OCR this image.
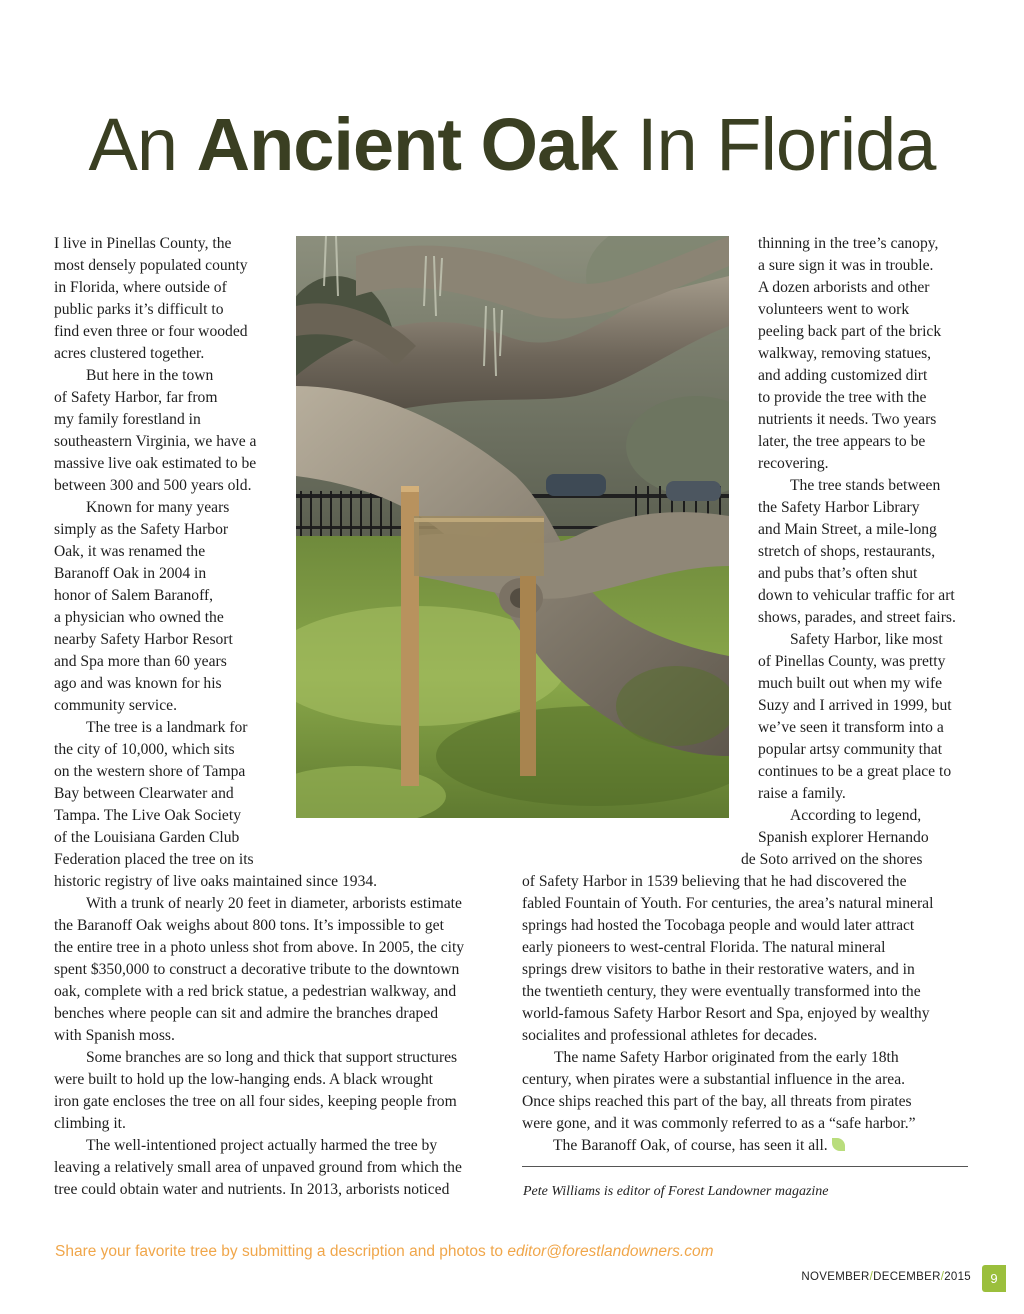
An Ancient Oak In Florida

I live in Pinellas County, the

most densely populated county

in Florida, where outside of

public parks it’s difficult to

find even three or four wooded

acres clustered together.

But here in the town

of Safety Harbor, far from

my family forestland in

southeastern Virginia, we have a

massive live oak estimated to be

between 300 and 500 years old.

Known for many years

simply as the Safety Harbor

Oak, it was renamed the

Baranoff Oak in 2004 in

honor of Salem Baranoff,

a physician who owned the

nearby Safety Harbor Resort

and Spa more than 60 years

ago and was known for his

community service.

The tree is a landmark for

the city of 10,000, which sits

on the western shore of Tampa

Bay between Clearwater and

Tampa. The Live Oak Society

of the Louisiana Garden Club

Federation placed the tree on its

historic registry of live oaks maintained since 1934.

With a trunk of nearly 20 feet in diameter, arborists estimate

the Baranoff Oak weighs about 800 tons. It’s impossible to get

the entire tree in a photo unless shot from above. In 2005, the city

spent $350,000 to construct a decorative tribute to the downtown

oak, complete with a red brick statue, a pedestrian walkway, and

benches where people can sit and admire the branches draped

with Spanish moss.

Some branches are so long and thick that support structures

were built to hold up the low-hanging ends. A black wrought

iron gate encloses the tree on all four sides, keeping people from

climbing it.

The well-intentioned project actually harmed the tree by

leaving a relatively small area of unpaved ground from which the

tree could obtain water and nutrients. In 2013, arborists noticed

thinning in the tree’s canopy,

a sure sign it was in trouble.

A dozen arborists and other

volunteers went to work

peeling back part of the brick

walkway, removing statues,

and adding customized dirt

to provide the tree with the

nutrients it needs. Two years

later, the tree appears to be

recovering.

The tree stands between

the Safety Harbor Library

and Main Street, a mile-long

stretch of shops, restaurants,

and pubs that’s often shut

down to vehicular traffic for art

shows, parades, and street fairs.

Safety Harbor, like most

of Pinellas County, was pretty

much built out when my wife

Suzy and I arrived in 1999, but

we’ve seen it transform into a

popular artsy community that

continues to be a great place to

raise a family.

According to legend,

Spanish explorer Hernando

de Soto arrived on the shores

of Safety Harbor in 1539 believing that he had discovered the

fabled Fountain of Youth. For centuries, the area’s natural mineral

springs had hosted the Tocobaga people and would later attract

early pioneers to west-central Florida. The natural mineral

springs drew visitors to bathe in their restorative waters, and in

the twentieth century, they were eventually transformed into the

world-famous Safety Harbor Resort and Spa, enjoyed by wealthy

socialites and professional athletes for decades.

The name Safety Harbor originated from the early 18th

century, when pirates were a substantial influence in the area.

Once ships reached this part of the bay, all threats from pirates

were gone, and it was commonly referred to as a “safe harbor.”

The Baranoff Oak, of course, has seen it all.

Pete Williams is editor of Forest Landowner magazine
Share your favorite tree by submitting a description and photos to editor@forestlandowners.com
NOVEMBER/DECEMBER/2015	9
